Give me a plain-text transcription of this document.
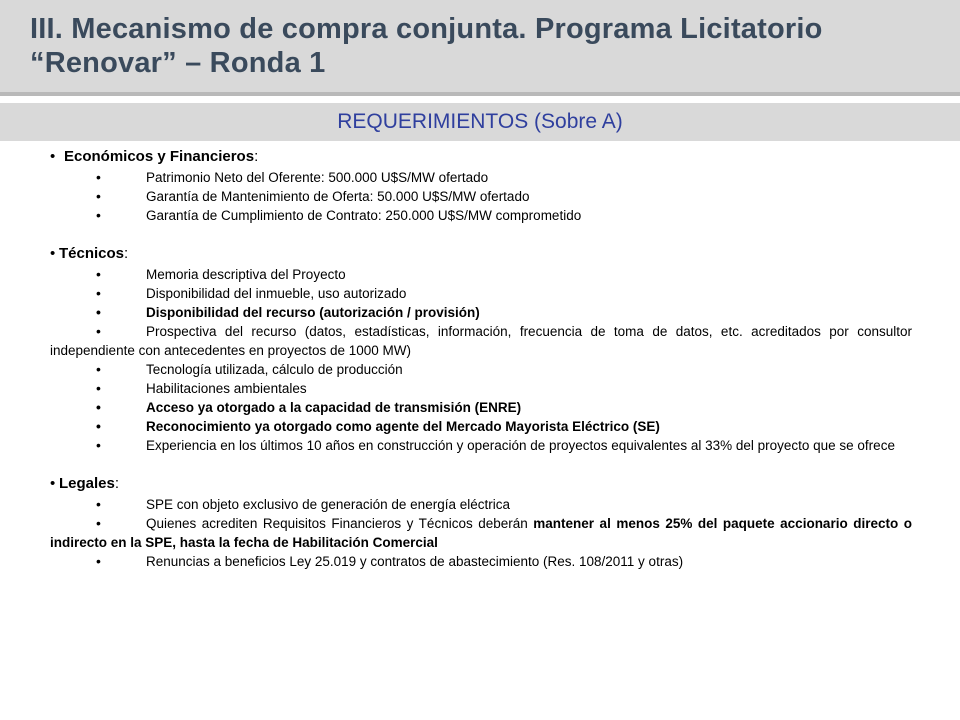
III. Mecanismo de compra conjunta. Programa Licitatorio
“Renovar” – Ronda 1
REQUERIMIENTOS (Sobre A)
• Económicos y Financieros:
•	Patrimonio Neto del Oferente: 500.000 U$S/MW ofertado
•	Garantía de Mantenimiento de Oferta: 50.000 U$S/MW ofertado
•	Garantía de Cumplimiento de Contrato: 250.000 U$S/MW comprometido
• Técnicos:
•	Memoria descriptiva del Proyecto
•	Disponibilidad del inmueble, uso autorizado
•	Disponibilidad del recurso (autorización / provisión)
•	Prospectiva del recurso (datos, estadísticas, información, frecuencia de toma de datos, etc. acreditados por consultor independiente con antecedentes en proyectos de 1000 MW)
•	Tecnología utilizada, cálculo de producción
•	Habilitaciones ambientales
•	Acceso ya otorgado a la capacidad de transmisión (ENRE)
•	Reconocimiento ya otorgado como agente del Mercado Mayorista Eléctrico (SE)
•	Experiencia en los últimos 10 años en construcción y operación de proyectos equivalentes al 33% del proyecto que se ofrece
• Legales:
•	SPE con objeto exclusivo de generación de energía eléctrica
•	Quienes acrediten Requisitos Financieros y Técnicos deberán mantener al menos 25% del paquete accionario directo o indirecto en la SPE, hasta la fecha de Habilitación Comercial
•	Renuncias a beneficios Ley 25.019 y contratos de abastecimiento (Res. 108/2011 y otras)
